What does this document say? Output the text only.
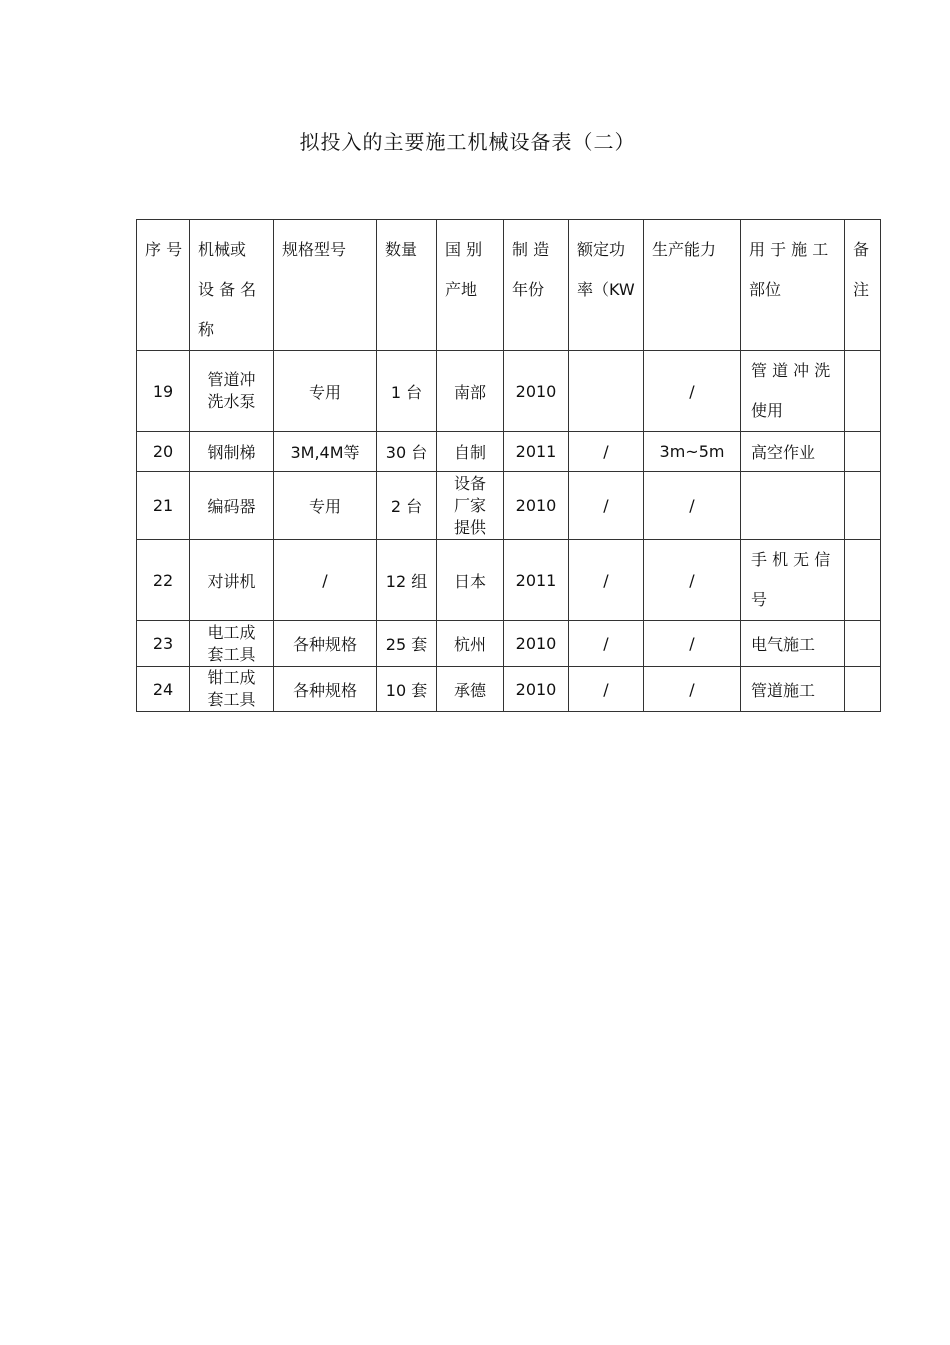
拟投入的主要施工机械设备表（二）
序 号	机械或 设 备 名 称	规格型号	数量	国 别 产地	制 造 年份	额定功率（KW	生产能力	用 于 施 工 部位	备 注
19	管道冲洗水泵	专用	1 台	南部	2010		/	管 道 冲 洗 使用	

20	钢制梯	3M,4M等	30 台	自制	2011	/	3m~5m	高空作业	
21	编码器	专用	2 台	设备厂家提供	2010	/	/		
22	对讲机	/	12 组	日本	2011	/	/	手 机 无 信 号	

23	电工成套工具	各种规格	25 套	杭州	2010	/	/	电气施工	
24	钳工成套工具	各种规格	10 套	承德	2010	/	/	管道施工	
